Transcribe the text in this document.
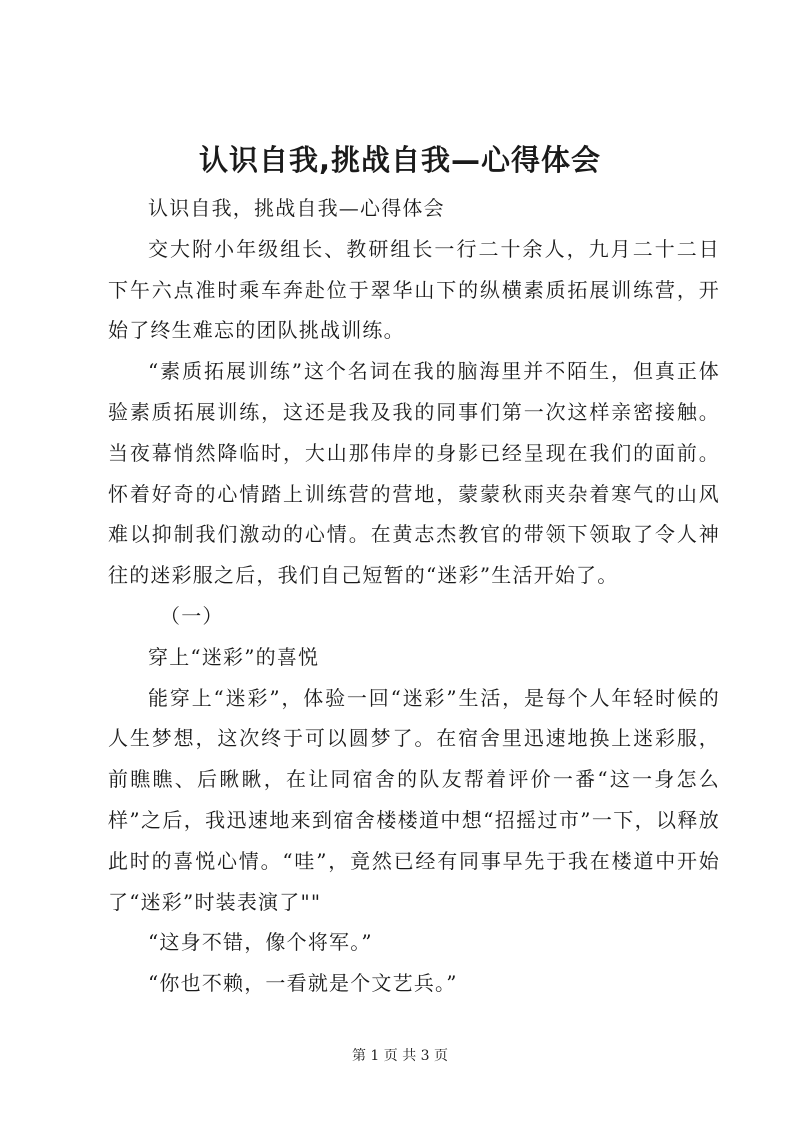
认识自我,挑战自我—心得体会

认识自我，挑战自我—心得体会

交大附小年级组长、教研组长一行二十余人，九月二十二日下午六点准时乘车奔赴位于翠华山下的纵横素质拓展训练营，开始了终生难忘的团队挑战训练。

“素质拓展训练”这个名词在我的脑海里并不陌生，但真正体验素质拓展训练，这还是我及我的同事们第一次这样亲密接触。当夜幕悄然降临时，大山那伟岸的身影已经呈现在我们的面前。怀着好奇的心情踏上训练营的营地，蒙蒙秋雨夹杂着寒气的山风难以抑制我们激动的心情。在黄志杰教官的带领下领取了令人神往的迷彩服之后，我们自己短暂的“迷彩”生活开始了。

（一）

穿上“迷彩”的喜悦

能穿上“迷彩”，体验一回“迷彩”生活，是每个人年轻时候的人生梦想，这次终于可以圆梦了。在宿舍里迅速地换上迷彩服，前瞧瞧、后瞅瞅，在让同宿舍的队友帮着评价一番“这一身怎么样”之后，我迅速地来到宿舍楼楼道中想“招摇过市”一下，以释放此时的喜悦心情。“哇”，竟然已经有同事早先于我在楼道中开始了“迷彩”时装表演了""

“这身不错，像个将军。”

“你也不赖，一看就是个文艺兵。”

第 1 页 共 3 页
